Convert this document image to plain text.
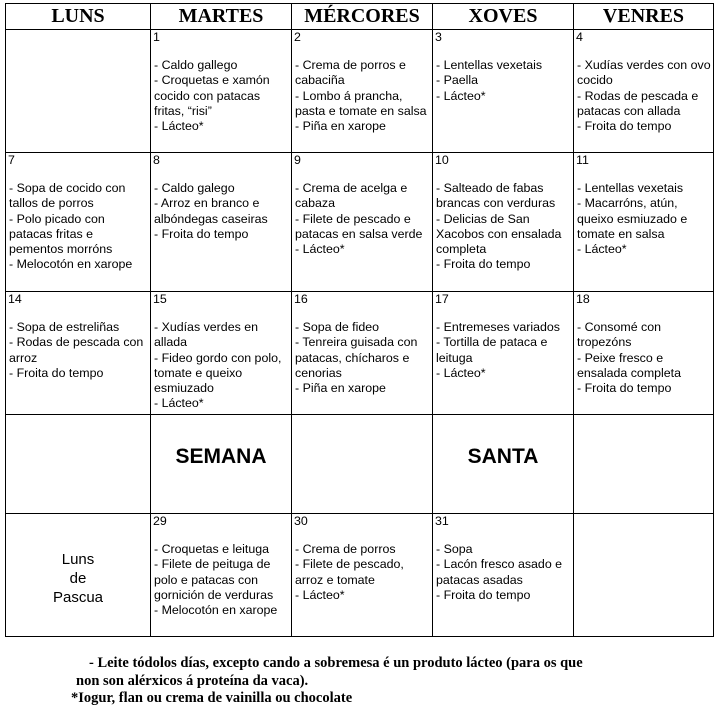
LUNS	MARTES	MÉRCORES	XOVES	VENRES

	1
- Caldo gallego
- Croquetas e xamón cocido con patacas fritas, “risi”
- Lácteo*	2
- Crema de porros e cabaciña
- Lombo á prancha, pasta e tomate en salsa
- Piña en xarope	3
- Lentellas vexetais
- Paella
- Lácteo*	4
- Xudías verdes con ovo cocido
- Rodas de pescada e patacas con allada
- Froita do tempo

7
- Sopa de cocido con tallos de porros
- Polo picado con patacas fritas e pementos morróns
- Melocotón en xarope	8
- Caldo galego
- Arroz en branco e albóndegas caseiras
- Froita do tempo	9
- Crema de acelga e cabaza
- Filete de pescado e patacas en salsa verde
- Lácteo*	10
- Salteado de fabas brancas con verduras
- Delicias de San Xacobos con ensalada completa
- Froita do tempo	11
- Lentellas vexetais
- Macarróns, atún, queixo esmiuzado e tomate en salsa
- Lácteo*

14
- Sopa de estreliñas
- Rodas de pescada con arroz
- Froita do tempo	15
- Xudías verdes en allada
- Fideo gordo con polo, tomate e queixo esmiuzado
- Lácteo*	16
- Sopa de fideo
- Tenreira guisada con patacas, chícharos e cenorias
- Piña en xarope	17
- Entremeses variados
- Tortilla de pataca e leituga
- Lácteo*	18
- Consomé con tropezóns
- Peixe fresco e ensalada completa
- Froita do tempo

	SEMANA		SANTA	

Luns
de
Pascua	29
- Croquetas e leituga
- Filete de peituga de polo e patacas con gornición de verduras
- Melocotón en xarope	30
- Crema de porros
- Filete de pescado, arroz e tomate
- Lácteo*	31
- Sopa
- Lacón fresco asado e patacas asadas
- Froita do tempo	

- Leite tódolos días, excepto cando a sobremesa é un produto lácteo (para os que
non son alérxicos á proteína da vaca).
*Iogur, flan ou crema de vainilla ou chocolate
